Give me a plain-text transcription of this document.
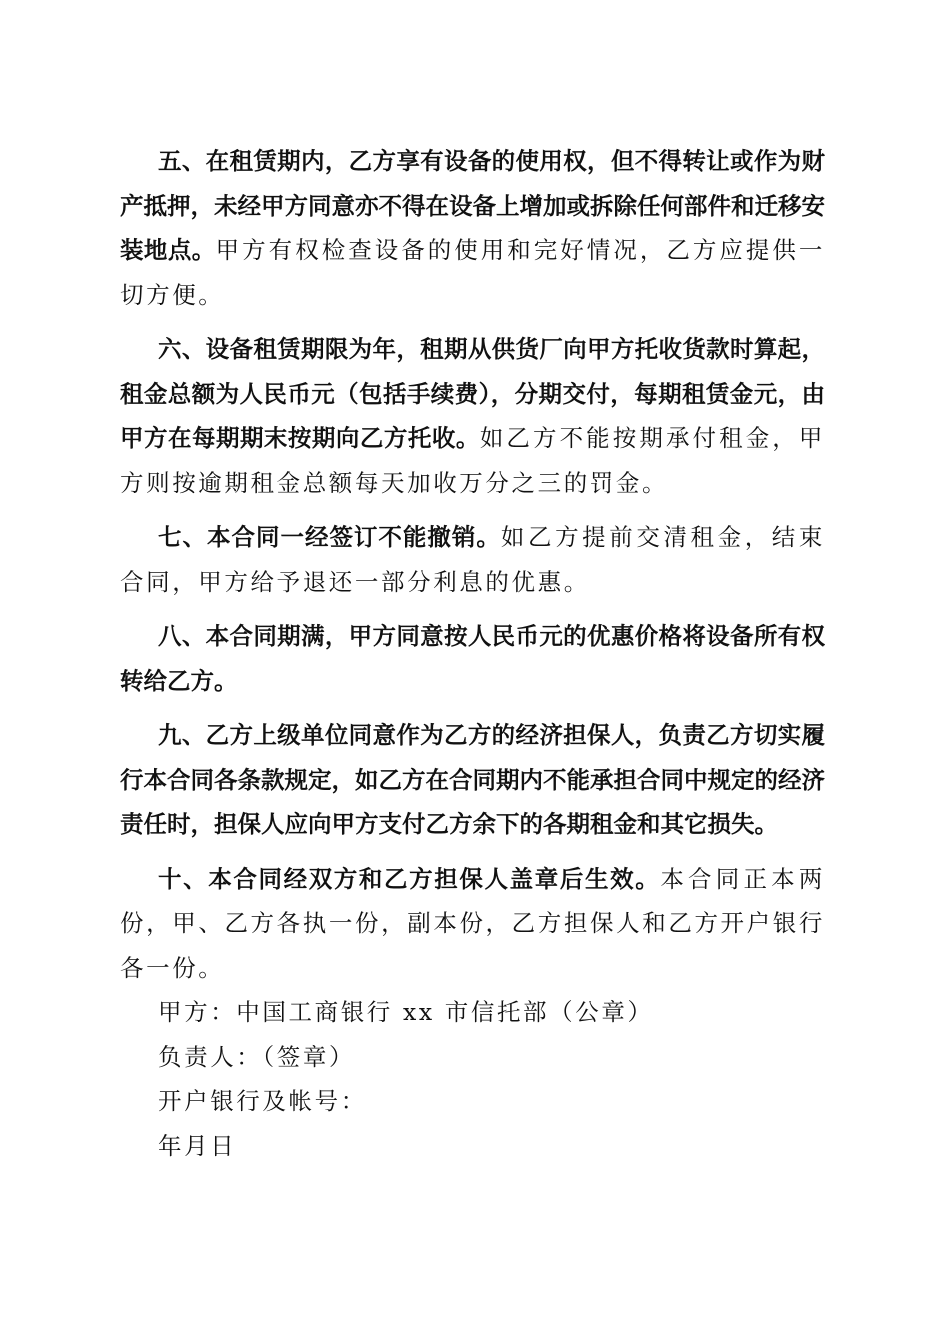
五、在租赁期内，乙方享有设备的使用权，但不得转让或作为财产抵押，未经甲方同意亦不得在设备上增加或拆除任何部件和迁移安装地点。甲方有权检查设备的使用和完好情况，乙方应提供一切方便。

六、设备租赁期限为年，租期从供货厂向甲方托收货款时算起，租金总额为人民币元（包括手续费），分期交付，每期租赁金元，由甲方在每期期末按期向乙方托收。如乙方不能按期承付租金，甲方则按逾期租金总额每天加收万分之三的罚金。

七、本合同一经签订不能撤销。如乙方提前交清租金，结束合同，甲方给予退还一部分利息的优惠。

八、本合同期满，甲方同意按人民币元的优惠价格将设备所有权转给乙方。

九、乙方上级单位同意作为乙方的经济担保人，负责乙方切实履行本合同各条款规定，如乙方在合同期内不能承担合同中规定的经济责任时，担保人应向甲方支付乙方余下的各期租金和其它损失。

十、本合同经双方和乙方担保人盖章后生效。本合同正本两份，甲、乙方各执一份，副本份，乙方担保人和乙方开户银行各一份。

甲方：中国工商银行 xx 市信托部（公章）

负责人：（签章）

开户银行及帐号：

年月日
